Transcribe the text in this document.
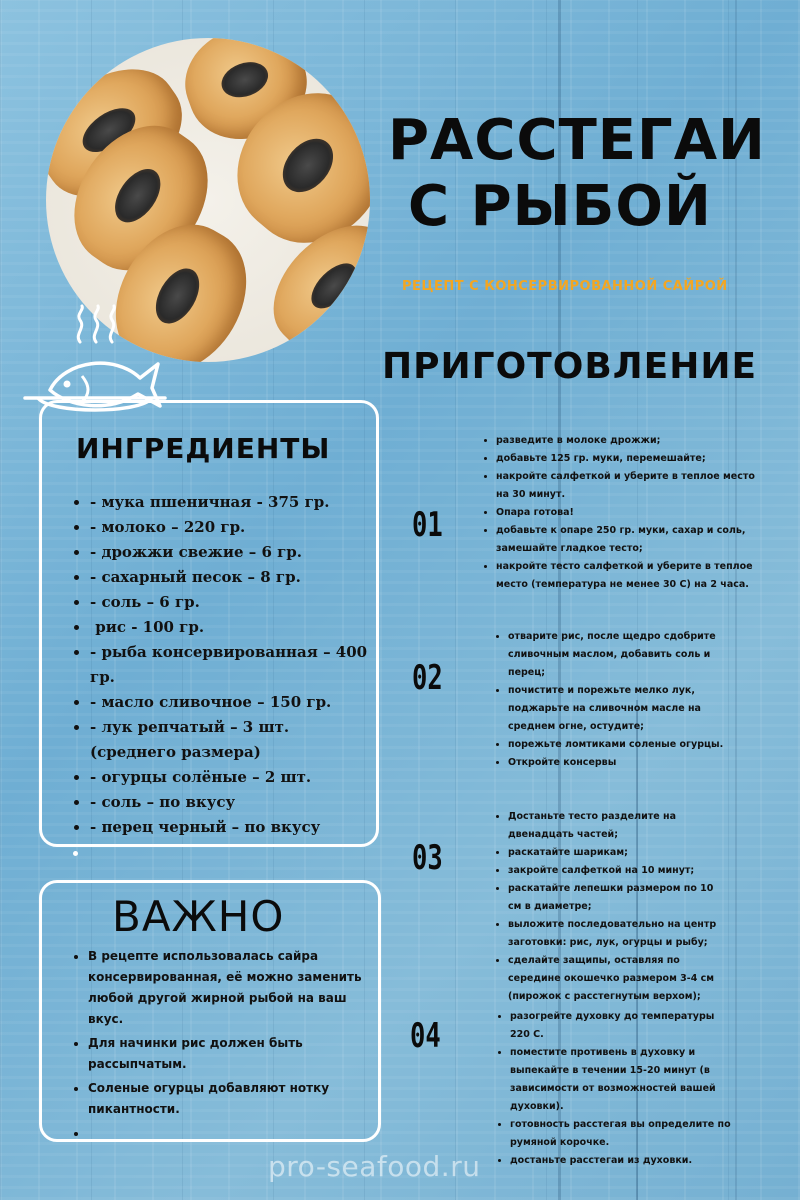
РАССТЕГАИ
С РЫБОЙ
РЕЦЕПТ С КОНСЕРВИРОВАННОЙ САЙРОЙ
ПРИГОТОВЛЕНИЕ
ИНГРЕДИЕНТЫ
• - мука пшеничная - 375 гр.
• - молоко – 220 гр.
• - дрожжи свежие – 6 гр.
• - сахарный песок – 8 гр.
• - соль – 6 гр.
•  рис - 100 гр.
• - рыба консервированная – 400 гр.
• - масло сливочное – 150 гр.
• - лук репчатый – 3 шт. (среднего размера)
• - огурцы солёные – 2 шт.
• - соль – по вкусу
• - перец черный – по вкусу
ВАЖНО
• В рецепте использовалась сайра консервированная, её можно заменить любой другой жирной рыбой на ваш вкус.
• Для начинки рис должен быть рассыпчатым.
• Соленые огурцы добавляют нотку пикантности.
•
01
• разведите в молоке дрожжи;
• добавьте 125 гр. муки, перемешайте;
• накройте салфеткой и уберите в теплое место на 30 минут.
• Опара готова!
• добавьте к опаре 250 гр. муки, сахар и соль, замешайте гладкое тесто;
• накройте тесто салфеткой и уберите в теплое место (температура не менее 30 С) на 2 часа.
02
• отварите рис, после щедро сдобрите сливочным маслом, добавить соль и перец;
• почистите и порежьте мелко лук, поджарьте на сливочном масле на среднем огне, остудите;
• порежьте ломтиками соленые огурцы.
• Откройте консервы
03
• Достаньте тесто разделите на двенадцать частей;
• раскатайте шарикам;
• закройте салфеткой на 10 минут;
• раскатайте лепешки размером по 10 см в диаметре;
• выложите последовательно на центр заготовки: рис, лук, огурцы и рыбу;
• сделайте защипы, оставляя по середине окошечко размером 3-4 см (пирожок с расстегнутым верхом);
04
•	разогрейте духовку до температуры 220 С.
• поместите противень в духовку и выпекайте в течении 15-20 минут (в зависимости от возможностей вашей духовки).
• готовность расстегая вы определите по румяной корочке.
• достаньте расстегаи из духовки.
pro-seafood.ru
